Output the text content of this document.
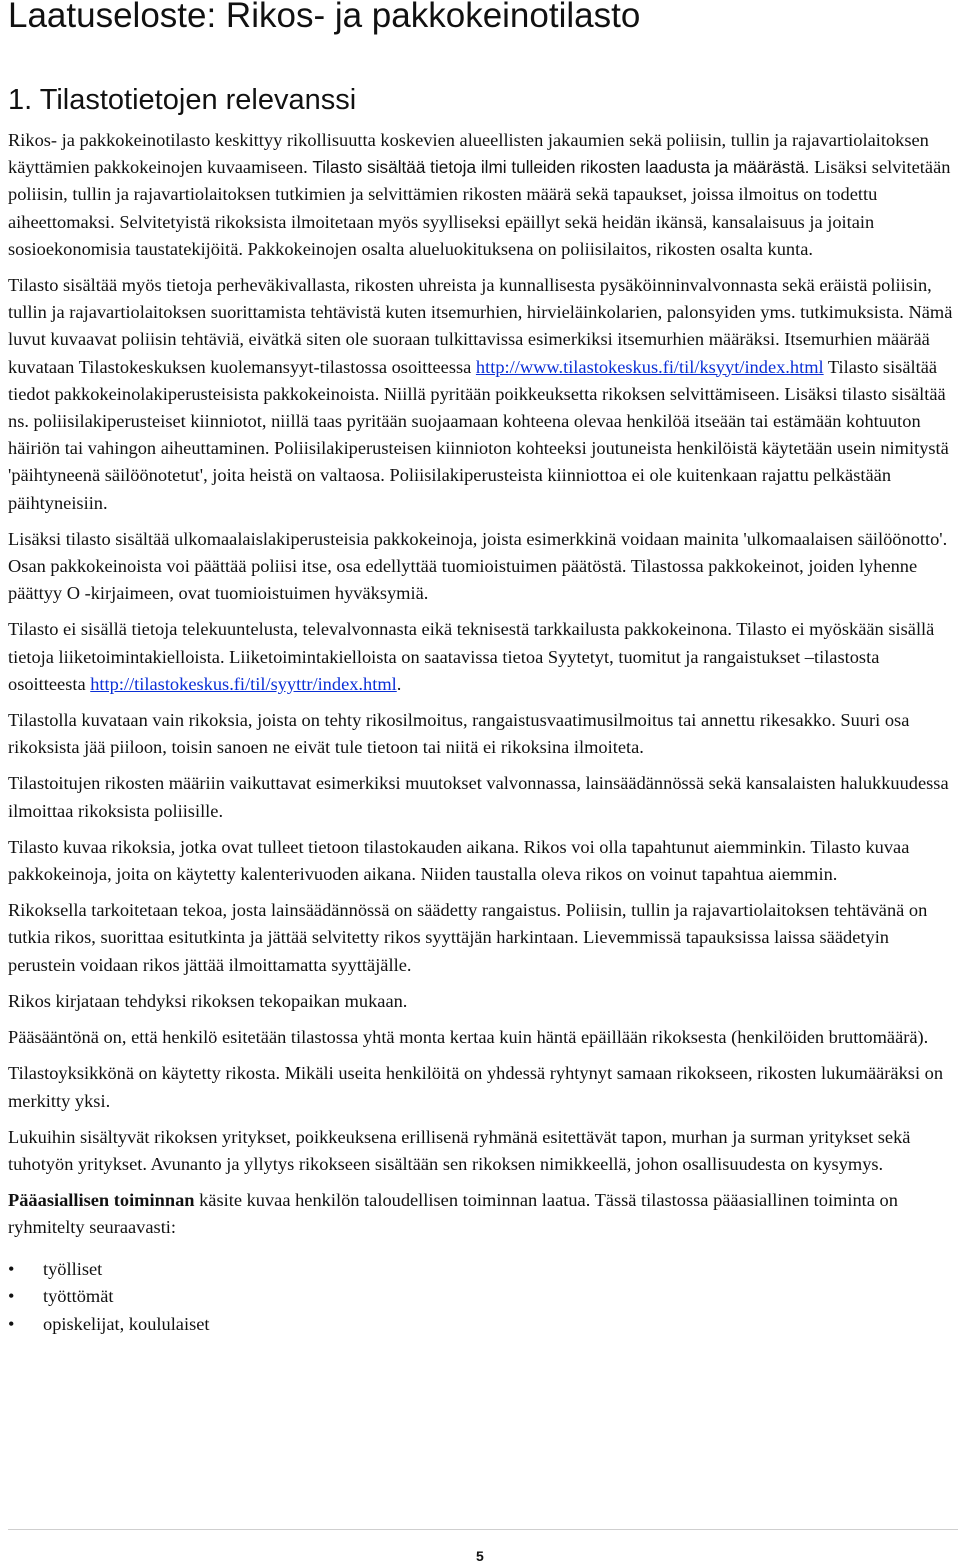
Laatuseloste: Rikos- ja pakkokeinotilasto
1. Tilastotietojen relevanssi

Rikos- ja pakkokeinotilasto keskittyy rikollisuutta koskevien alueellisten jakaumien sekä poliisin, tullin ja rajavartiolaitoksen käyttämien pakkokeinojen kuvaamiseen. Tilasto sisältää tietoja ilmi tulleiden rikosten laadusta ja määrästä. Lisäksi selvitetään poliisin, tullin ja rajavartiolaitoksen tutkimien ja selvittämien rikosten määrä sekä tapaukset, joissa ilmoitus on todettu aiheettomaksi. Selvitetyistä rikoksista ilmoitetaan myös syylliseksi epäillyt sekä heidän ikänsä, kansalaisuus ja joitain sosioekonomisia taustatekijöitä. Pakkokeinojen osalta alueluokituksena on poliisilaitos, rikosten osalta kunta.

Tilasto sisältää myös tietoja perheväkivallasta, rikosten uhreista ja kunnallisesta pysäköinninvalvonnasta sekä eräistä poliisin, tullin ja rajavartiolaitoksen suorittamista tehtävistä kuten itsemurhien, hirvieläinkolarien, palonsyiden yms. tutkimuksista. Nämä luvut kuvaavat poliisin tehtäviä, eivätkä siten ole suoraan tulkittavissa esimerkiksi itsemurhien määräksi. Itsemurhien määrää kuvataan Tilastokeskuksen kuolemansyyt-tilastossa osoitteessa http://www.tilastokeskus.fi/til/ksyyt/index.html Tilasto sisältää tiedot pakkokeinolakiperusteisista pakkokeinoista. Niillä pyritään poikkeuksetta rikoksen selvittämiseen. Lisäksi tilasto sisältää ns. poliisilakiperusteiset kiinniotot, niillä taas pyritään suojaamaan kohteena olevaa henkilöä itseään tai estämään kohtuuton häiriön tai vahingon aiheuttaminen. Poliisilakiperusteisen kiinnioton kohteeksi joutuneista henkilöistä käytetään usein nimitystä 'päihtyneenä säilöönotetut', joita heistä on valtaosa. Poliisilakiperusteista kiinniottoa ei ole kuitenkaan rajattu pelkästään päihtyneisiin.

Lisäksi tilasto sisältää ulkomaalaislakiperusteisia pakkokeinoja, joista esimerkkinä voidaan mainita 'ulkomaalaisen säilöönotto'. Osan pakkokeinoista voi päättää poliisi itse, osa edellyttää tuomioistuimen päätöstä. Tilastossa pakkokeinot, joiden lyhenne päättyy O -kirjaimeen, ovat tuomioistuimen hyväksymiä.

Tilasto ei sisällä tietoja telekuuntelusta, televalvonnasta eikä teknisestä tarkkailusta pakkokeinona. Tilasto ei myöskään sisällä tietoja liiketoimintakielloista. Liiketoimintakielloista on saatavissa tietoa Syytetyt, tuomitut ja rangaistukset –tilastosta osoitteesta http://tilastokeskus.fi/til/syyttr/index.html.

Tilastolla kuvataan vain rikoksia, joista on tehty rikosilmoitus, rangaistusvaatimusilmoitus tai annettu rikesakko. Suuri osa rikoksista jää piiloon, toisin sanoen ne eivät tule tietoon tai niitä ei rikoksina ilmoiteta.

Tilastoitujen rikosten määriin vaikuttavat esimerkiksi muutokset valvonnassa, lainsäädännössä sekä kansalaisten halukkuudessa ilmoittaa rikoksista poliisille.

Tilasto kuvaa rikoksia, jotka ovat tulleet tietoon tilastokauden aikana. Rikos voi olla tapahtunut aiemminkin. Tilasto kuvaa pakkokeinoja, joita on käytetty kalenterivuoden aikana. Niiden taustalla oleva rikos on voinut tapahtua aiemmin.

Rikoksella tarkoitetaan tekoa, josta lainsäädännössä on säädetty rangaistus. Poliisin, tullin ja rajavartiolaitoksen tehtävänä on tutkia rikos, suorittaa esitutkinta ja jättää selvitetty rikos syyttäjän harkintaan. Lievemmissä tapauksissa laissa säädetyin perustein voidaan rikos jättää ilmoittamatta syyttäjälle.

Rikos kirjataan tehdyksi rikoksen tekopaikan mukaan.

Pääsääntönä on, että henkilö esitetään tilastossa yhtä monta kertaa kuin häntä epäillään rikoksesta (henkilöiden bruttomäärä).

Tilastoyksikkönä on käytetty rikosta. Mikäli useita henkilöitä on yhdessä ryhtynyt samaan rikokseen, rikosten lukumääräksi on merkitty yksi.

Lukuihin sisältyvät rikoksen yritykset, poikkeuksena erillisenä ryhmänä esitettävät tapon, murhan ja surman yritykset sekä tuhotyön yritykset. Avunanto ja yllytys rikokseen sisältään sen rikoksen nimikkeellä, johon osallisuudesta on kysymys.

Pääasiallisen toiminnan käsite kuvaa henkilön taloudellisen toiminnan laatua. Tässä tilastossa pääasiallinen toiminta on ryhmitelty seuraavasti:

• työlliset
• työttömät
• opiskelijat, koululaiset
5
